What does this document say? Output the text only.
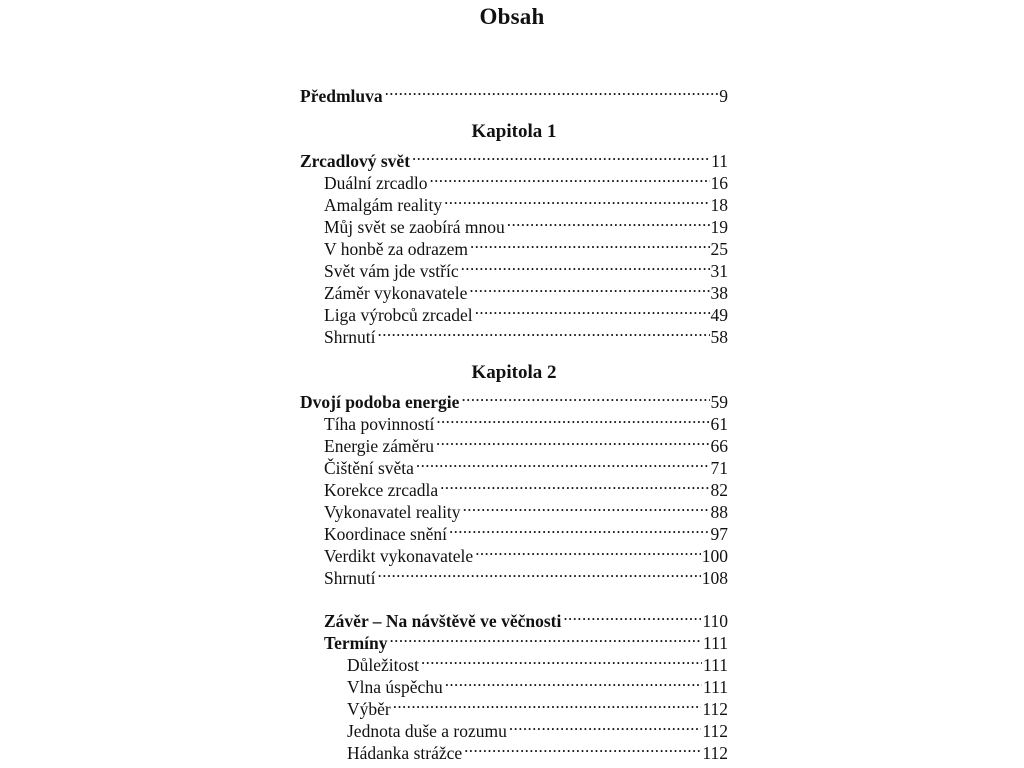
Obsah
Předmluva .....	9
Kapitola 1
Zrcadlový svět .....	11
Duální zrcadlo .....	16
Amalgám reality .....	18
Můj svět se zaobírá mnou .....	19
V honbě za odrazem .....	25
Svět vám jde vstříc .....	31
Záměr vykonavatele .....	38
Liga výrobců zrcadel .....	49
Shrnutí .....	58
Kapitola 2
Dvojí podoba energie .....	59
Tíha povinností .....	61
Energie záměru .....	66
Čištění světa .....	71
Korekce zrcadla .....	82
Vykonavatel reality .....	88
Koordinace snění .....	97
Verdikt vykonavatele .....	100
Shrnutí .....	108
Závěr – Na návštěvě ve věčnosti .....	110
Termíny .....	111
Důležitost .....	111
Vlna úspěchu .....	111
Výběr .....	112
Jednota duše a rozumu .....	112
Hádanka strážce .....	112
